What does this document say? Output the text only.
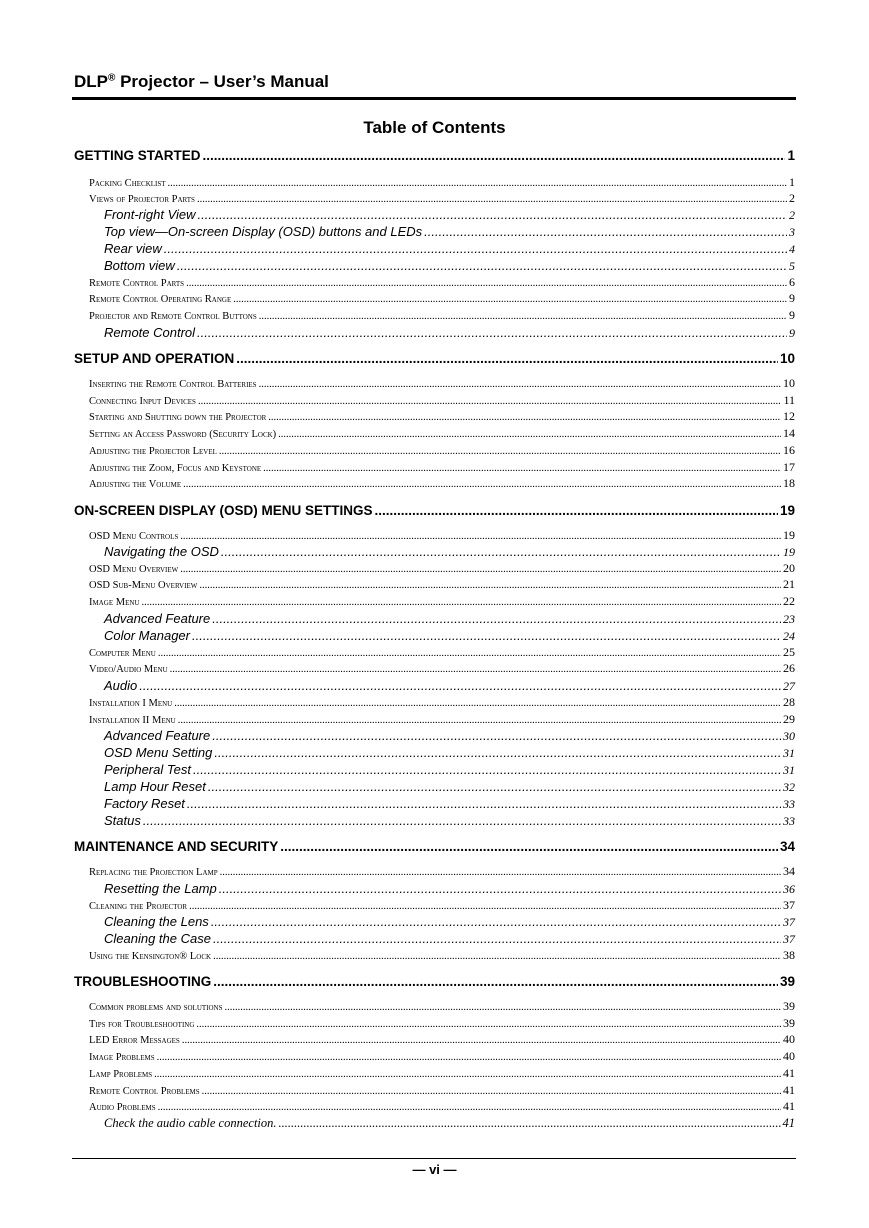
DLP® Projector – User’s Manual
Table of Contents
GETTING STARTED .....	1
Packing Checklist .....	1
Views of Projector Parts .....	2
Front-right View .....	2
Top view—On-screen Display (OSD) buttons and LEDs .....	3
Rear view .....	4
Bottom view .....	5
Remote Control Parts .....	6
Remote Control Operating Range .....	9
Projector and Remote Control Buttons .....	9
Remote Control .....	9
SETUP AND OPERATION .....	10
Inserting the Remote Control Batteries .....	10
Connecting Input Devices .....	11
Starting and Shutting down the Projector .....	12
Setting an Access Password (Security Lock) .....	14
Adjusting the Projector Level .....	16
Adjusting the Zoom, Focus and Keystone .....	17
Adjusting the Volume .....	18
ON-SCREEN DISPLAY (OSD) MENU SETTINGS .....	19
OSD Menu Controls .....	19
Navigating the OSD .....	19
OSD Menu Overview .....	20
OSD Sub-Menu Overview .....	21
Image Menu .....	22
Advanced Feature .....	23
Color Manager .....	24
Computer Menu .....	25
Video/Audio Menu .....	26
Audio .....	27
Installation I Menu .....	28
Installation II Menu .....	29
Advanced Feature .....	30
OSD Menu Setting .....	31
Peripheral Test .....	31
Lamp Hour Reset .....	32
Factory Reset .....	33
Status .....	33
MAINTENANCE AND SECURITY .....	34
Replacing the Projection Lamp .....	34
Resetting the Lamp .....	36
Cleaning the Projector .....	37
Cleaning the Lens .....	37
Cleaning the Case .....	37
Using the Kensington® Lock .....	38
TROUBLESHOOTING .....	39
Common problems and solutions .....	39
Tips for Troubleshooting .....	39
LED Error Messages .....	40
Image Problems .....	40
Lamp Problems .....	41
Remote Control Problems .....	41
Audio Problems .....	41
Check the audio cable connection. .....	41
— vi —
